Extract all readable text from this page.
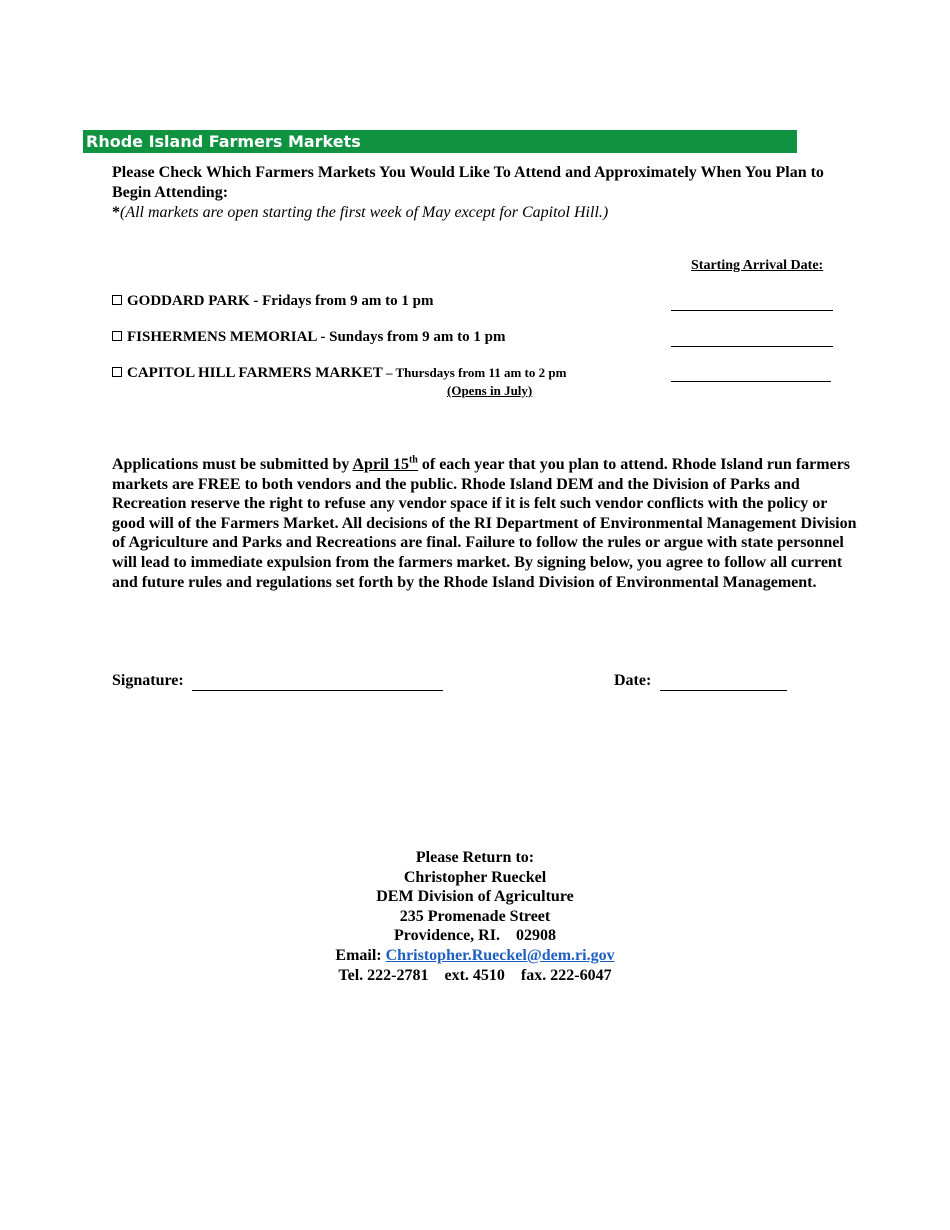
Rhode Island Farmers Markets
Please Check Which Farmers Markets You Would Like To Attend and Approximately When You Plan to Begin Attending:
*(All markets are open starting the first week of May except for Capitol Hill.)
Starting Arrival Date:
GODDARD PARK - Fridays from 9 am to 1 pm
FISHERMENS MEMORIAL - Sundays from 9 am to 1 pm
CAPITOL HILL FARMERS MARKET – Thursdays from 11 am to 2 pm
(Opens in July)
Applications must be submitted by April 15th of each year that you plan to attend. Rhode Island run farmers markets are FREE to both vendors and the public. Rhode Island DEM and the Division of Parks and Recreation reserve the right to refuse any vendor space if it is felt such vendor conflicts with the policy or good will of the Farmers Market. All decisions of the RI Department of Environmental Management Division of Agriculture and Parks and Recreations are final. Failure to follow the rules or argue with state personnel will lead to immediate expulsion from the farmers market. By signing below, you agree to follow all current and future rules and regulations set forth by the Rhode Island Division of Environmental Management.
Signature:	Date:
Please Return to:
Christopher Rueckel
DEM Division of Agriculture
235 Promenade Street
Providence, RI.    02908
Email: Christopher.Rueckel@dem.ri.gov
Tel. 222-2781    ext. 4510    fax. 222-6047
